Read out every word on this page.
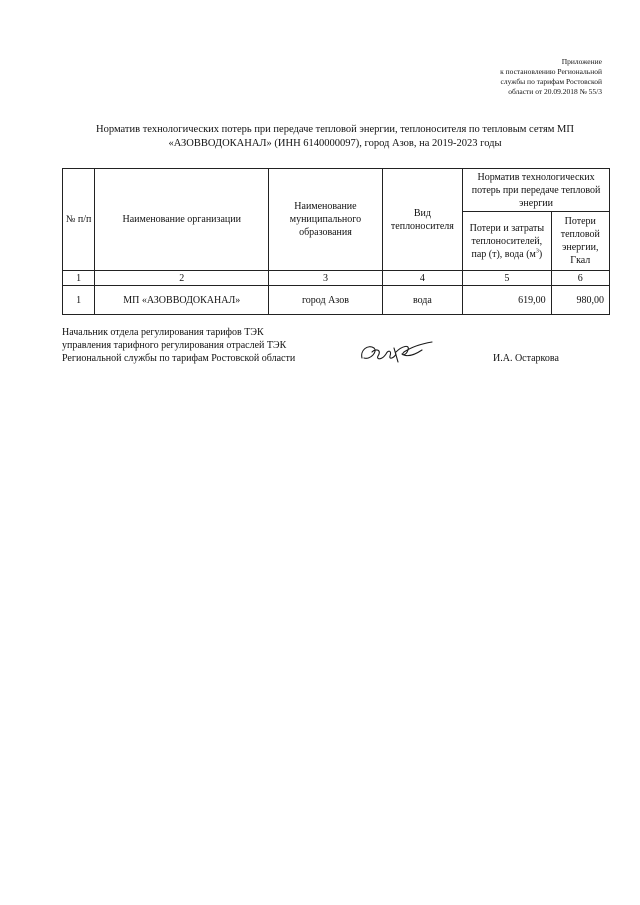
Приложение
к постановлению Региональной
службы по тарифам Ростовской
области от 20.09.2018 № 55/3
Норматив технологических потерь при передаче тепловой энергии, теплоносителя по тепловым сетям МП
«АЗОВВОДОКАНАЛ» (ИНН 6140000097), город Азов, на 2019-2023 годы
№ п/п	Наименование организации	Наименование муниципального образования	Вид теплоносителя	Норматив технологических потерь при передаче тепловой энергии	
				Потери и затраты теплоносителей, пар (т), вода $(м^3)$	Потери тепловой энергии, Гкал
1	2	3	4	5	6
1	МП «АЗОВВОДОКАНАЛ»	город Азов	вода	619,00	980,00
Начальник отдела регулирования тарифов ТЭК
управления тарифного регулирования отраслей ТЭК
Региональной службы по тарифам Ростовской области	И.А. Остаркова
